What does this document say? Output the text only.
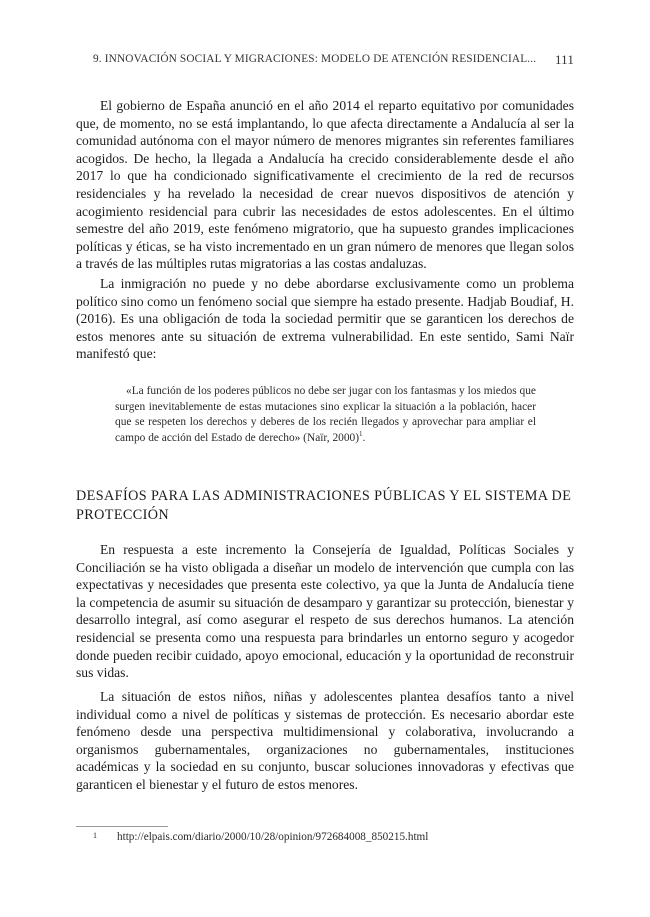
9. INNOVACIÓN SOCIAL Y MIGRACIONES: MODELO DE ATENCIÓN RESIDENCIAL... 111

El gobierno de España anunció en el año 2014 el reparto equitativo por comunidades que, de momento, no se está implantando, lo que afecta directamente a Andalucía al ser la comunidad autónoma con el mayor número de menores migrantes sin referentes familiares acogidos. De hecho, la llegada a Andalucía ha crecido considerablemente desde el año 2017 lo que ha condicionado significativamente el crecimiento de la red de recursos residenciales y ha revelado la necesidad de crear nuevos dispositivos de atención y acogimiento residencial para cubrir las necesidades de estos adolescentes. En el último semestre del año 2019, este fenómeno migratorio, que ha supuesto grandes implicaciones políticas y éticas, se ha visto incrementado en un gran número de menores que llegan solos a través de las múltiples rutas migratorias a las costas andaluzas.

La inmigración no puede y no debe abordarse exclusivamente como un problema político sino como un fenómeno social que siempre ha estado presente. Hadjab Boudiaf, H. (2016). Es una obligación de toda la sociedad permitir que se garanticen los derechos de estos menores ante su situación de extrema vulnerabilidad. En este sentido, Sami Naïr manifestó que:

«La función de los poderes públicos no debe ser jugar con los fantasmas y los miedos que surgen inevitablemente de estas mutaciones sino explicar la situación a la población, hacer que se respeten los derechos y deberes de los recién llegados y aprovechar para ampliar el campo de acción del Estado de derecho» (Naïr, 2000)$^1$.

DESAFÍOS PARA LAS ADMINISTRACIONES PÚBLICAS Y EL SISTEMA DE PROTECCIÓN

En respuesta a este incremento la Consejería de Igualdad, Políticas Sociales y Conciliación se ha visto obligada a diseñar un modelo de intervención que cumpla con las expectativas y necesidades que presenta este colectivo, ya que la Junta de Andalucía tiene la competencia de asumir su situación de desamparo y garantizar su protección, bienestar y desarrollo integral, así como asegurar el respeto de sus derechos humanos. La atención residencial se presenta como una respuesta para brindarles un entorno seguro y acogedor donde pueden recibir cuidado, apoyo emocional, educación y la oportunidad de reconstruir sus vidas.

La situación de estos niños, niñas y adolescentes plantea desafíos tanto a nivel individual como a nivel de políticas y sistemas de protección. Es necesario abordar este fenómeno desde una perspectiva multidimensional y colaborativa, involucrando a organismos gubernamentales, organizaciones no gubernamentales, instituciones académicas y la sociedad en su conjunto, buscar soluciones innovadoras y efectivas que garanticen el bienestar y el futuro de estos menores.

1 http://elpais.com/diario/2000/10/28/opinion/972684008_850215.html
